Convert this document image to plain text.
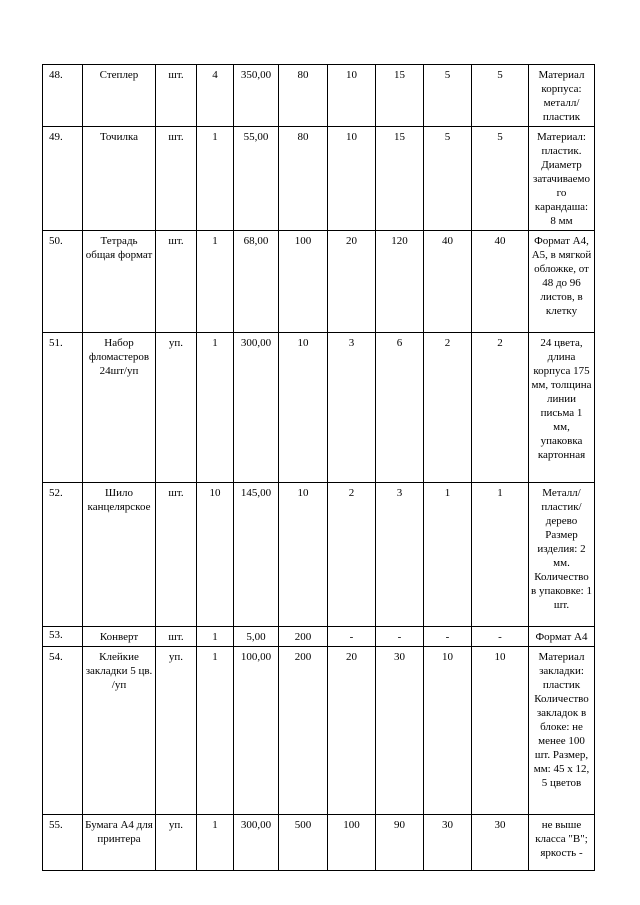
48.	Степлер	шт.	4	350,00	80	10	15	5	5	Материал корпуса: металл/пластик
49.	Точилка	шт.	1	55,00	80	10	15	5	5	Материал: пластик. Диаметр затачиваемого карандаша: 8 мм
50.	Тетрадь общая формат	шт.	1	68,00	100	20	120	40	40	Формат А4, А5, в мягкой обложке, от 48 до 96 листов, в клетку
51.	Набор фломастеров 24шт/уп	уп.	1	300,00	10	3	6	2	2	24 цвета, длина корпуса 175 мм, толщина линии письма 1 мм, упаковка картонная
52.	Шило канцелярское	шт.	10	145,00	10	2	3	1	1	Металл/пластик/дерево Размер изделия: 2 мм. Количество в упаковке: 1 шт.
53.	Конверт	шт.	1	5,00	200	-	-	-	-	Формат А4
54.	Клейкие закладки 5 цв. /уп	уп.	1	100,00	200	20	30	10	10	Материал закладки: пластик Количество закладок в блоке: не менее 100 шт. Размер, мм: 45 х 12, 5 цветов
55.	Бумага А4 для принтера	уп.	1	300,00	500	100	90	30	30	не выше класса "В"; яркость -
